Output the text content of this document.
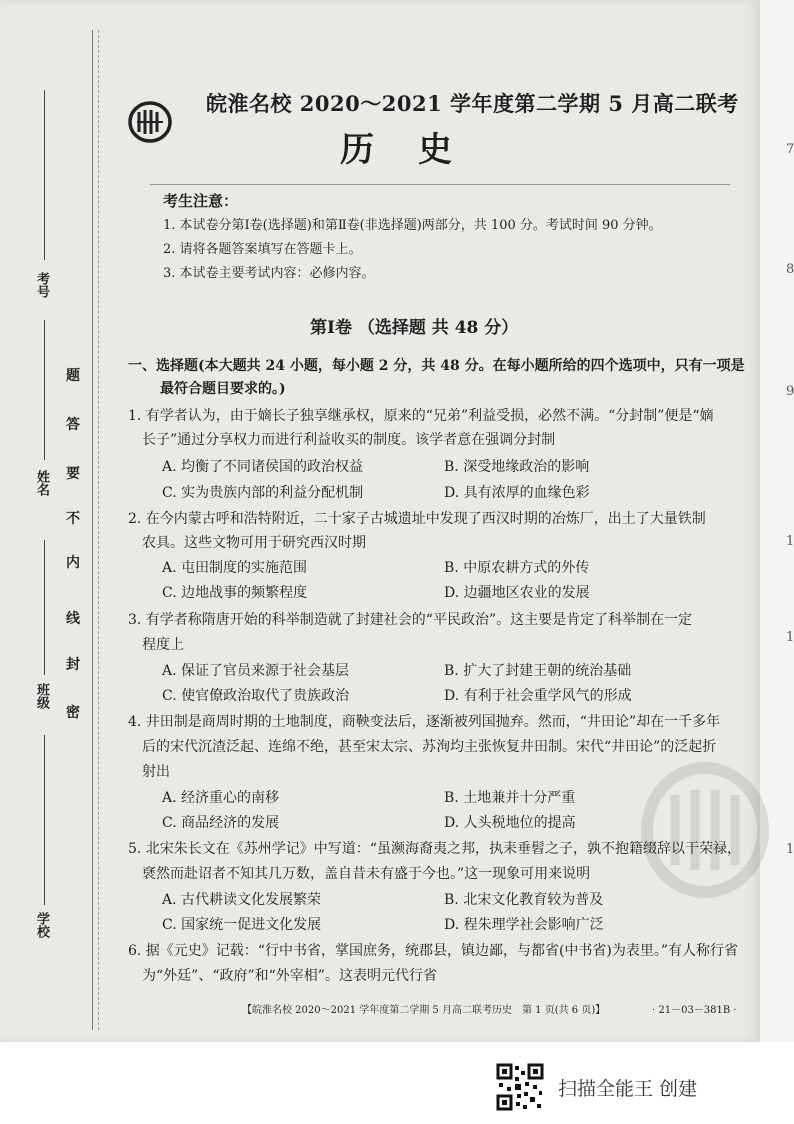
7
8
9
1
1
1
考号
姓名
班级
学校
题
答
要
不
内
线
封
密
皖淮名校 2020～2021 学年度第二学期 5 月高二联考
历史
考生注意：
1. 本试卷分第Ⅰ卷(选择题)和第Ⅱ卷(非选择题)两部分，共 100 分。考试时间 90 分钟。
2. 请将各题答案填写在答题卡上。
3. 本试卷主要考试内容：必修内容。
第Ⅰ卷 （选择题 共 48 分）
一、选择题(本大题共 24 小题，每小题 2 分，共 48 分。在每小题所给的四个选项中，只有一项是
最符合题目要求的。)
1. 有学者认为，由于嫡长子独享继承权，原来的“兄弟”利益受损，必然不满。“分封制”便是“嫡
长子”通过分享权力而进行利益收买的制度。该学者意在强调分封制
A. 均衡了不同诸侯国的政治权益	B. 深受地缘政治的影响
C. 实为贵族内部的利益分配机制	D. 具有浓厚的血缘色彩
2. 在今内蒙古呼和浩特附近，二十家子古城遗址中发现了西汉时期的冶炼厂，出土了大量铁制
农具。这些文物可用于研究西汉时期
A. 屯田制度的实施范围	B. 中原农耕方式的外传
C. 边地战事的频繁程度	D. 边疆地区农业的发展
3. 有学者称隋唐开始的科举制造就了封建社会的“平民政治”。这主要是肯定了科举制在一定
程度上
A. 保证了官员来源于社会基层	B. 扩大了封建王朝的统治基础
C. 使官僚政治取代了贵族政治	D. 有利于社会重学风气的形成
4. 井田制是商周时期的土地制度，商鞅变法后，逐渐被列国抛弃。然而，“井田论”却在一千多年
后的宋代沉渣泛起、连绵不绝，甚至宋太宗、苏洵均主张恢复井田制。宋代“井田论”的泛起折
射出
A. 经济重心的南移	B. 土地兼并十分严重
C. 商品经济的发展	D. 人头税地位的提高
5. 北宋朱长文在《苏州学记》中写道：“虽濒海裔夷之邦，执耒垂髫之子，孰不抱籍缀辞以干荣禄，
褎然而赴诏者不知其几万数，盖自昔未有盛于今也。”这一现象可用来说明
A. 古代耕读文化发展繁荣	B. 北宋文化教育较为普及
C. 国家统一促进文化发展	D. 程朱理学社会影响广泛
6. 据《元史》记载：“行中书省，掌国庶务，统郡县，镇边鄙，与都省(中书省)为表里。”有人称行省
为“外廷”、“政府”和“外宰相”。这表明元代行省
【皖淮名校 2020～2021 学年度第二学期 5 月高二联考历史　第 1 页(共 6 页)】	· 21－03－381B ·
扫描全能王 创建
